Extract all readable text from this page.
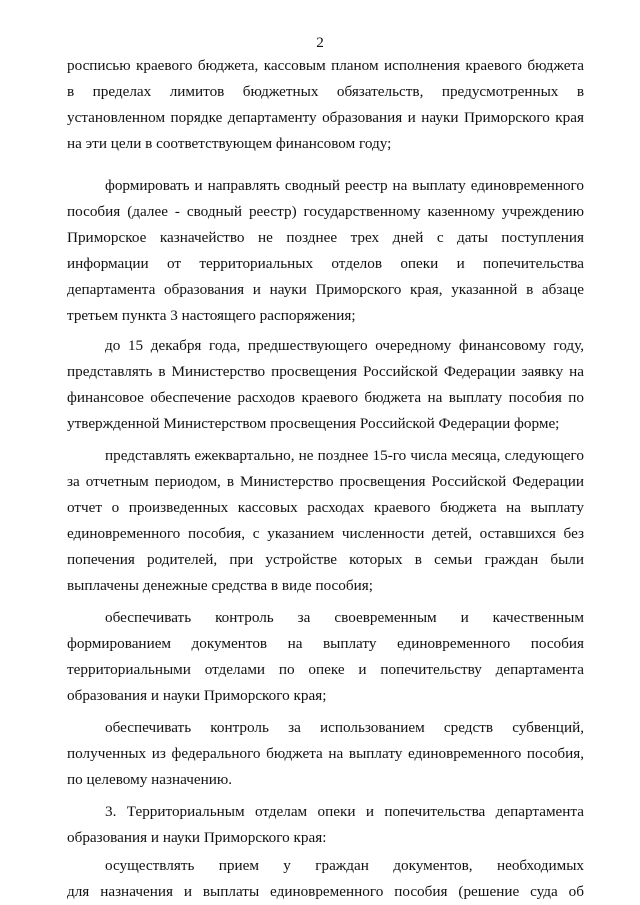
2
росписью краевого бюджета, кассовым планом исполнения краевого бюджета
в пределах лимитов бюджетных обязательств, предусмотренных в
установленном порядке департаменту образования и науки Приморского края
на эти цели в соответствующем финансовом году;
формировать и направлять сводный реестр на выплату единовременного
пособия (далее - сводный реестр) государственному казенному учреждению
Приморское казначейство не позднее трех дней с даты поступления
информации от территориальных отделов опеки и попечительства
департамента образования и науки Приморского края, указанной в абзаце
третьем пункта 3 настоящего распоряжения;
до 15 декабря года, предшествующего очередному финансовому году,
представлять в Министерство просвещения Российской Федерации заявку на
финансовое обеспечение расходов краевого бюджета на выплату пособия по
утвержденной Министерством просвещения Российской Федерации форме;
представлять ежеквартально, не позднее 15-го числа месяца, следующего
за отчетным периодом, в Министерство просвещения Российской Федерации
отчет о произведенных кассовых расходах краевого бюджета на выплату
единовременного пособия, с указанием численности детей, оставшихся без
попечения родителей, при устройстве которых в семьи граждан были
выплачены денежные средства в виде пособия;
обеспечивать контроль за своевременным и качественным
формированием документов на выплату единовременного пособия
территориальными отделами по опеке и попечительству департамента
образования и науки Приморского края;
обеспечивать контроль за использованием средств субвенций,
полученных из федерального бюджета на выплату единовременного пособия,
по целевому назначению.
3. Территориальным отделам опеки и попечительства департамента
образования и науки Приморского края:
осуществлять прием у граждан документов, необходимых
для назначения и выплаты единовременного пособия (решение суда об
